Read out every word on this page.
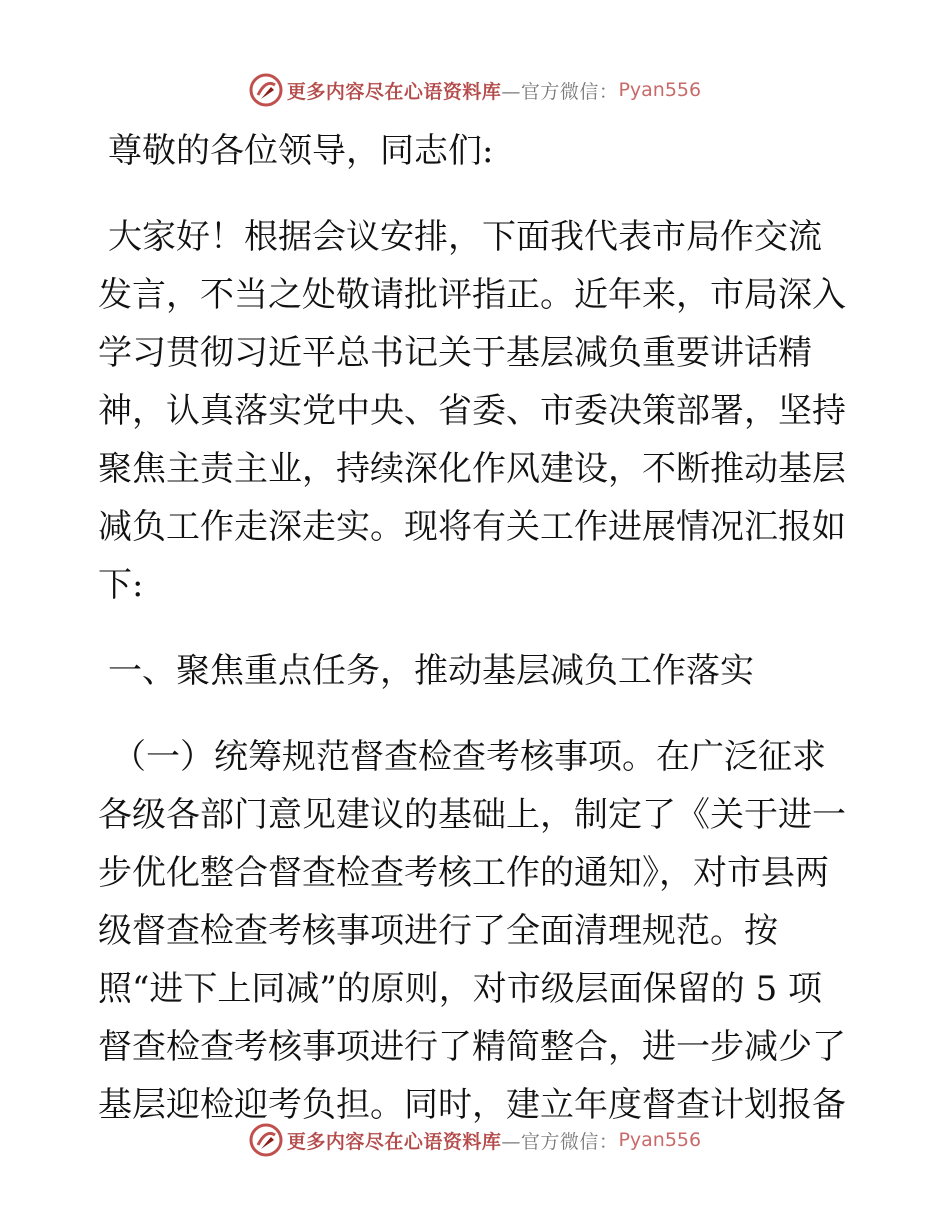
更多内容尽在心语资料库 —官方微信： Pyan556

尊敬的各位领导，同志们:

大家好！根据会议安排，下面我代表市局作交流

发言，不当之处敬请批评指正。近年来，市局深入

学习贯彻习近平总书记关于基层减负重要讲话精

神，认真落实党中央、省委、市委决策部署，坚持

聚焦主责主业，持续深化作风建设，不断推动基层

减负工作走深走实。现将有关工作进展情况汇报如

下:

一、聚焦重点任务，推动基层减负工作落实

（一）统筹规范督查检查考核事项。在广泛征求

各级各部门意见建议的基础上，制定了《关于进一

步优化整合督查检查考核工作的通知》，对市县两

级督查检查考核事项进行了全面清理规范。按

照“进下上同减”的原则，对市级层面保留的 5 项

督查检查考核事项进行了精简整合，进一步减少了

基层迎检迎考负担。同时，建立年度督查计划报备

更多内容尽在心语资料库 —官方微信： Pyan556
